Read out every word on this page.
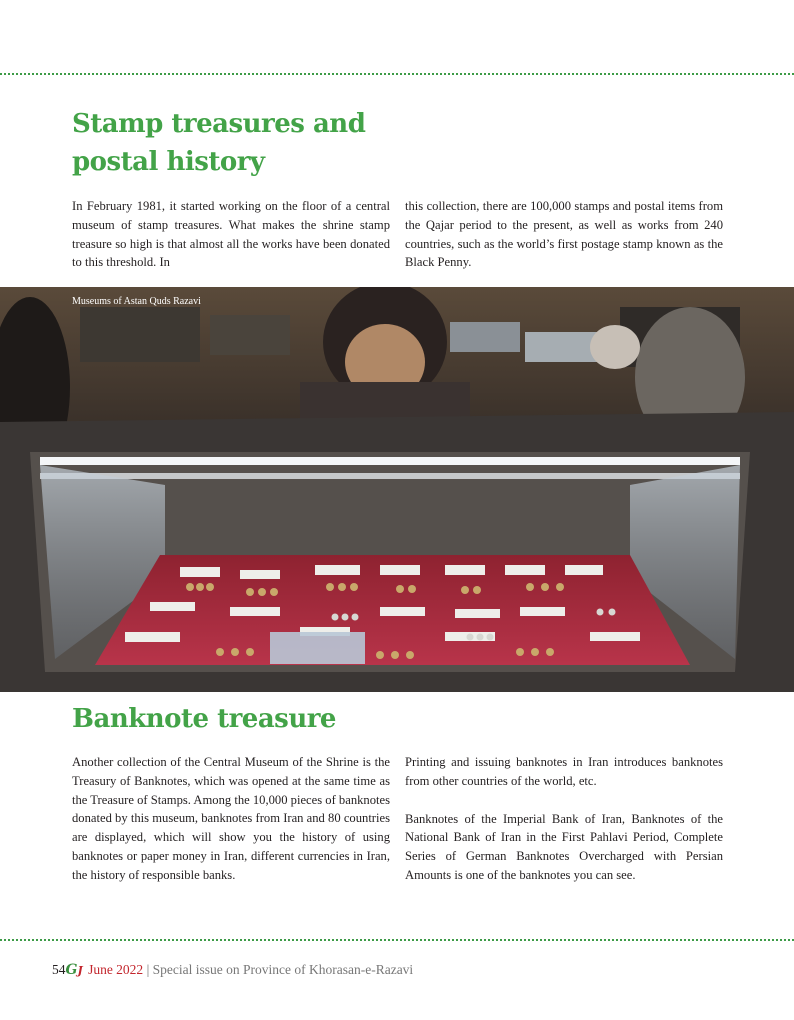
Stamp treasures and
postal history

In February 1981, it started working on the floor of a central museum of stamp treasures. What makes the shrine stamp treasure so high is that almost all the works have been donated to this threshold. In

this collection, there are 100,000 stamps and postal items from the Qajar period to the present, as well as works from 240 countries, such as the world’s first postage stamp known as the Black Penny.

Museums of Astan Quds Razavi
Banknote treasure

Another collection of the Central Museum of the Shrine is the Treasury of Banknotes, which was opened at the same time as the Treasure of Stamps. Among the 10,000 pieces of banknotes donated by this museum, banknotes from Iran and 80 countries are displayed, which will show you the history of using banknotes or paper money in Iran, different currencies in Iran, the history of responsible banks.

Printing and issuing banknotes in Iran introduces banknotes from other countries of the world, etc.

Banknotes of the Imperial Bank of Iran, Banknotes of the National Bank of Iran in the First Pahlavi Period, Complete Series of German Banknotes Overcharged with Persian Amounts is one of the banknotes you can see.

54GJ June 2022 | Special issue on Province of Khorasan-e-Razavi
